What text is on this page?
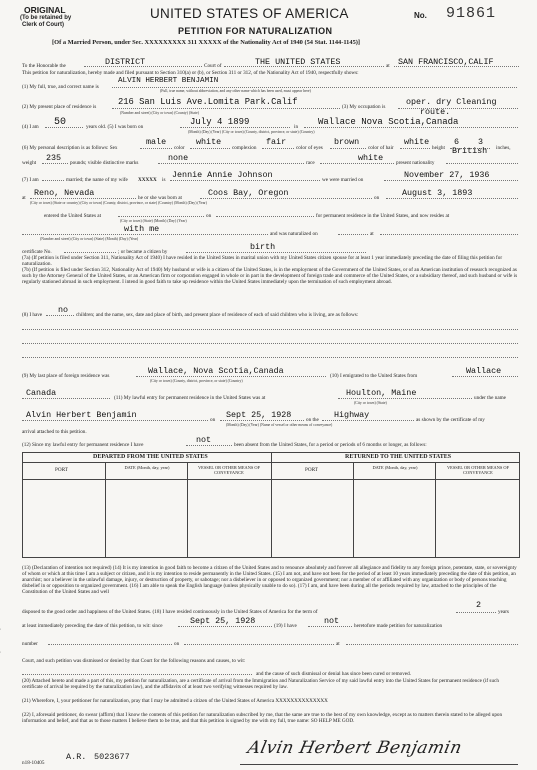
ORIGINAL
(To be retained by
Clerk of Court)
UNITED STATES OF AMERICA	No. 91861
PETITION FOR NATURALIZATION
[Of a Married Person, under Sec. XXXXXXXXX 311 XXXXX of the Nationality Act of 1940 (54 Stat. 1144-1145)]
To the Honorable the	DISTRICT	Court of	THE UNITED STATES	at SAN FRANCISCO,CALIF
This petition for naturalization, hereby made and filed pursuant to Section 310(a) or (b), or Section 311 or 312, of the Nationality Act of 1940, respectfully shows:
(1) My full, true, and correct name is
ALVIN HERBERT BENJAMIN
(Full, true name, without abbreviation, and any other name which has been used, must appear here)
(2) My present place of residence is 216 San Luis Ave.Lomita Park.Calif	(3) My occupation is oper. dry Cleaning
route.
(Number and street) (City or town) (County) (State)
(4) I am 50	years old. (5) I was born on	July 4 1899	in Wallace Nova Scotia,Canada
(Month) (Day) (Year) (City or town) (County, district, province, or state) (Country)
(6) My personal description is as follows: Sex
male
color
white
complexion
fair
color of eyes
brown
color of hair
white
height
6 3
inches,
weight 235 pounds; visible distinctive marks	none	race	white present nationality
British
(7) I am	married; the name of my wife XXXXX is Jennie Annie Johnson	we were married on	November 27, 1936
at Reno, Nevada	he or she was born at	Coos Bay, Oregon	on	August 3, 1893
(City or town) (State or country) (City or town) (County, district, province, or state) (Country) (Month) (Day) (Year)
entered the United States at	on	for permanent residence in the United States, and now resides at
(City or town) (State) (Month) (Day) (Year)
with me	and was naturalized on	at
(Number and street) (City or town) (State) (Month) (Day) (Year)
certificate No.	; or became a citizen by	birth
(7a) (If petition is filed under Section 311, Nationality Act of 1940) I have resided in the United States in marital union with my United States citizen spouse for at least 1 year immediately preceding the date of filing this petition for naturalization.
(7b) (If petition is filed under Section 312, Nationality Act of 1940) My husband or wife is a citizen of the United States, is in the employment of the Government of the United States, or of an American institution of research recognized as such by the Attorney General of the United States, or an American firm or corporation engaged in whole or in part in the development of foreign trade and commerce of the United States, or a subsidiary thereof, and such husband or wife is regularly stationed abroad in such employment. I intend in good faith to take up residence within the United States immediately upon the termination of such employment abroad.
(8) I have no children; and the name, sex, date and place of birth, and present place of residence of each of said children who is living, are as follows:
(9) My last place of foreign residence was	Wallace, Nova Scotia,Canada	(10) I emigrated to the United States from	Wallace
(City or town) (County, district, province, or state) (Country)
Canada	(11) My lawful entry for permanent residence in the United States was at	Houlton, Maine	under the name
(City or town) (State)
Alvin Herbert Benjamin	on Sept 25, 1928	on the Highway	as shown by the certificate of my
(Month) (Day) (Year) (Name of vessel or other means of conveyance)
arrival attached to this petition.
(12) Since my lawful entry for permanent residence I have	not	been absent from the United States, for a period or periods of 6 months or longer, as follows:
DEPARTED FROM THE UNITED STATES	RETURNED TO THE UNITED STATES
PORT	DATE (Month, day, year)	VESSEL OR OTHER MEANS OF CONVEYANCE	PORT	DATE (Month, day, year)	VESSEL OR OTHER MEANS OF CONVEYANCE
(13) (Declaration of intention not required) (14) It is my intention in good faith to become a citizen of the United States and to renounce absolutely and forever all allegiance and fidelity to any foreign prince, potentate, state, or sovereignty of whom or which at this time I am a subject or citizen, and it is my intention to reside permanently in the United States. (15) I am not, and have not been for the period of at least 10 years immediately preceding the date of this petition, an anarchist; nor a believer in the unlawful damage, injury, or destruction of property, or sabotage; nor a disbeliever in or opposed to organized government; nor a member of or affiliated with any organization or body of persons teaching disbelief in or opposition to organized government. (16) I am able to speak the English language (unless physically unable to do so). (17) I am, and have been during all the periods required by law, attached to the principles of the Constitution of the United States and well
disposed to the good order and happiness of the United States. (18) I have resided continuously in the United States of America for the term of
2
years
at least immediately preceding the date of this petition, to wit: since	Sept 25, 1928	(19) I have	not	heretofore made petition for naturalization
number	on	at
Court, and such petition was dismissed or denied by that Court for the following reasons and causes, to wit:
and the cause of such dismissal or denial has since been cured or removed.
(20) Attached hereto and made a part of this, my petition for naturalization, are a certificate of arrival from the Immigration and Naturalization Service of my said lawful entry into the United States for permanent residence (if such certificate of arrival be required by the naturalization law), and the affidavits of at least two verifying witnesses required by law.
(21) Wherefore, I, your petitioner for naturalization, pray that I may be admitted a citizen of the United States of America XXXXXXXXXXXXXX
(22) I, aforesaid petitioner, do swear (affirm) that I know the contents of this petition for naturalization subscribed by me, that the same are true to the best of my own knowledge, except as to matters therein stated to be alleged upon information and belief, and that as to those matters I believe them to be true, and that this petition is signed by me with my full, true name: SO HELP ME GOD.
n18-10405
A.R. 5023677	Alvin Herbert Benjamin
